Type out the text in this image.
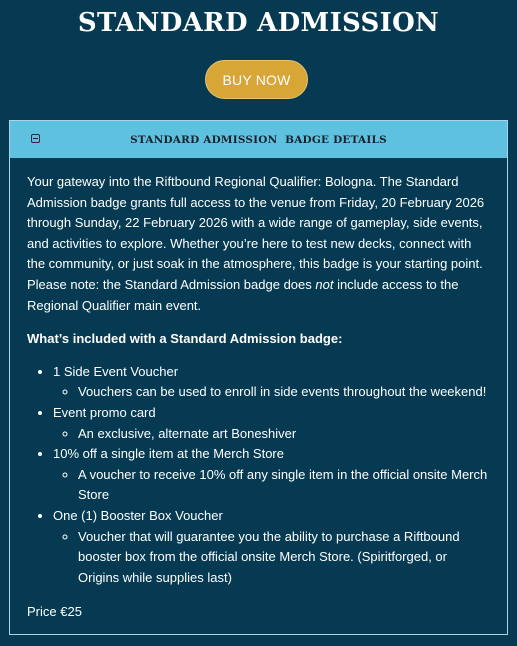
STANDARD ADMISSION
BUY NOW
STANDARD ADMISSION  BADGE DETAILS

Your gateway into the Riftbound Regional Qualifier: Bologna. The Standard Admission badge grants full access to the venue from Friday, 20 February 2026 through Sunday, 22 February 2026 with a wide range of gameplay, side events, and activities to explore. Whether you’re here to test new decks, connect with the community, or just soak in the atmosphere, this badge is your starting point. Please note: the Standard Admission badge does not include access to the Regional Qualifier main event.

What’s included with a Standard Admission badge:

• 1 Side Event Voucher
◦ Vouchers can be used to enroll in side events throughout the weekend!
• Event promo card
◦ An exclusive, alternate art Boneshiver
• 10% off a single item at the Merch Store
◦ A voucher to receive 10% off any single item in the official onsite Merch Store
• One (1) Booster Box Voucher
◦ Voucher that will guarantee you the ability to purchase a Riftbound booster box from the official onsite Merch Store. (Spiritforged, or Origins while supplies last)

Price €25
